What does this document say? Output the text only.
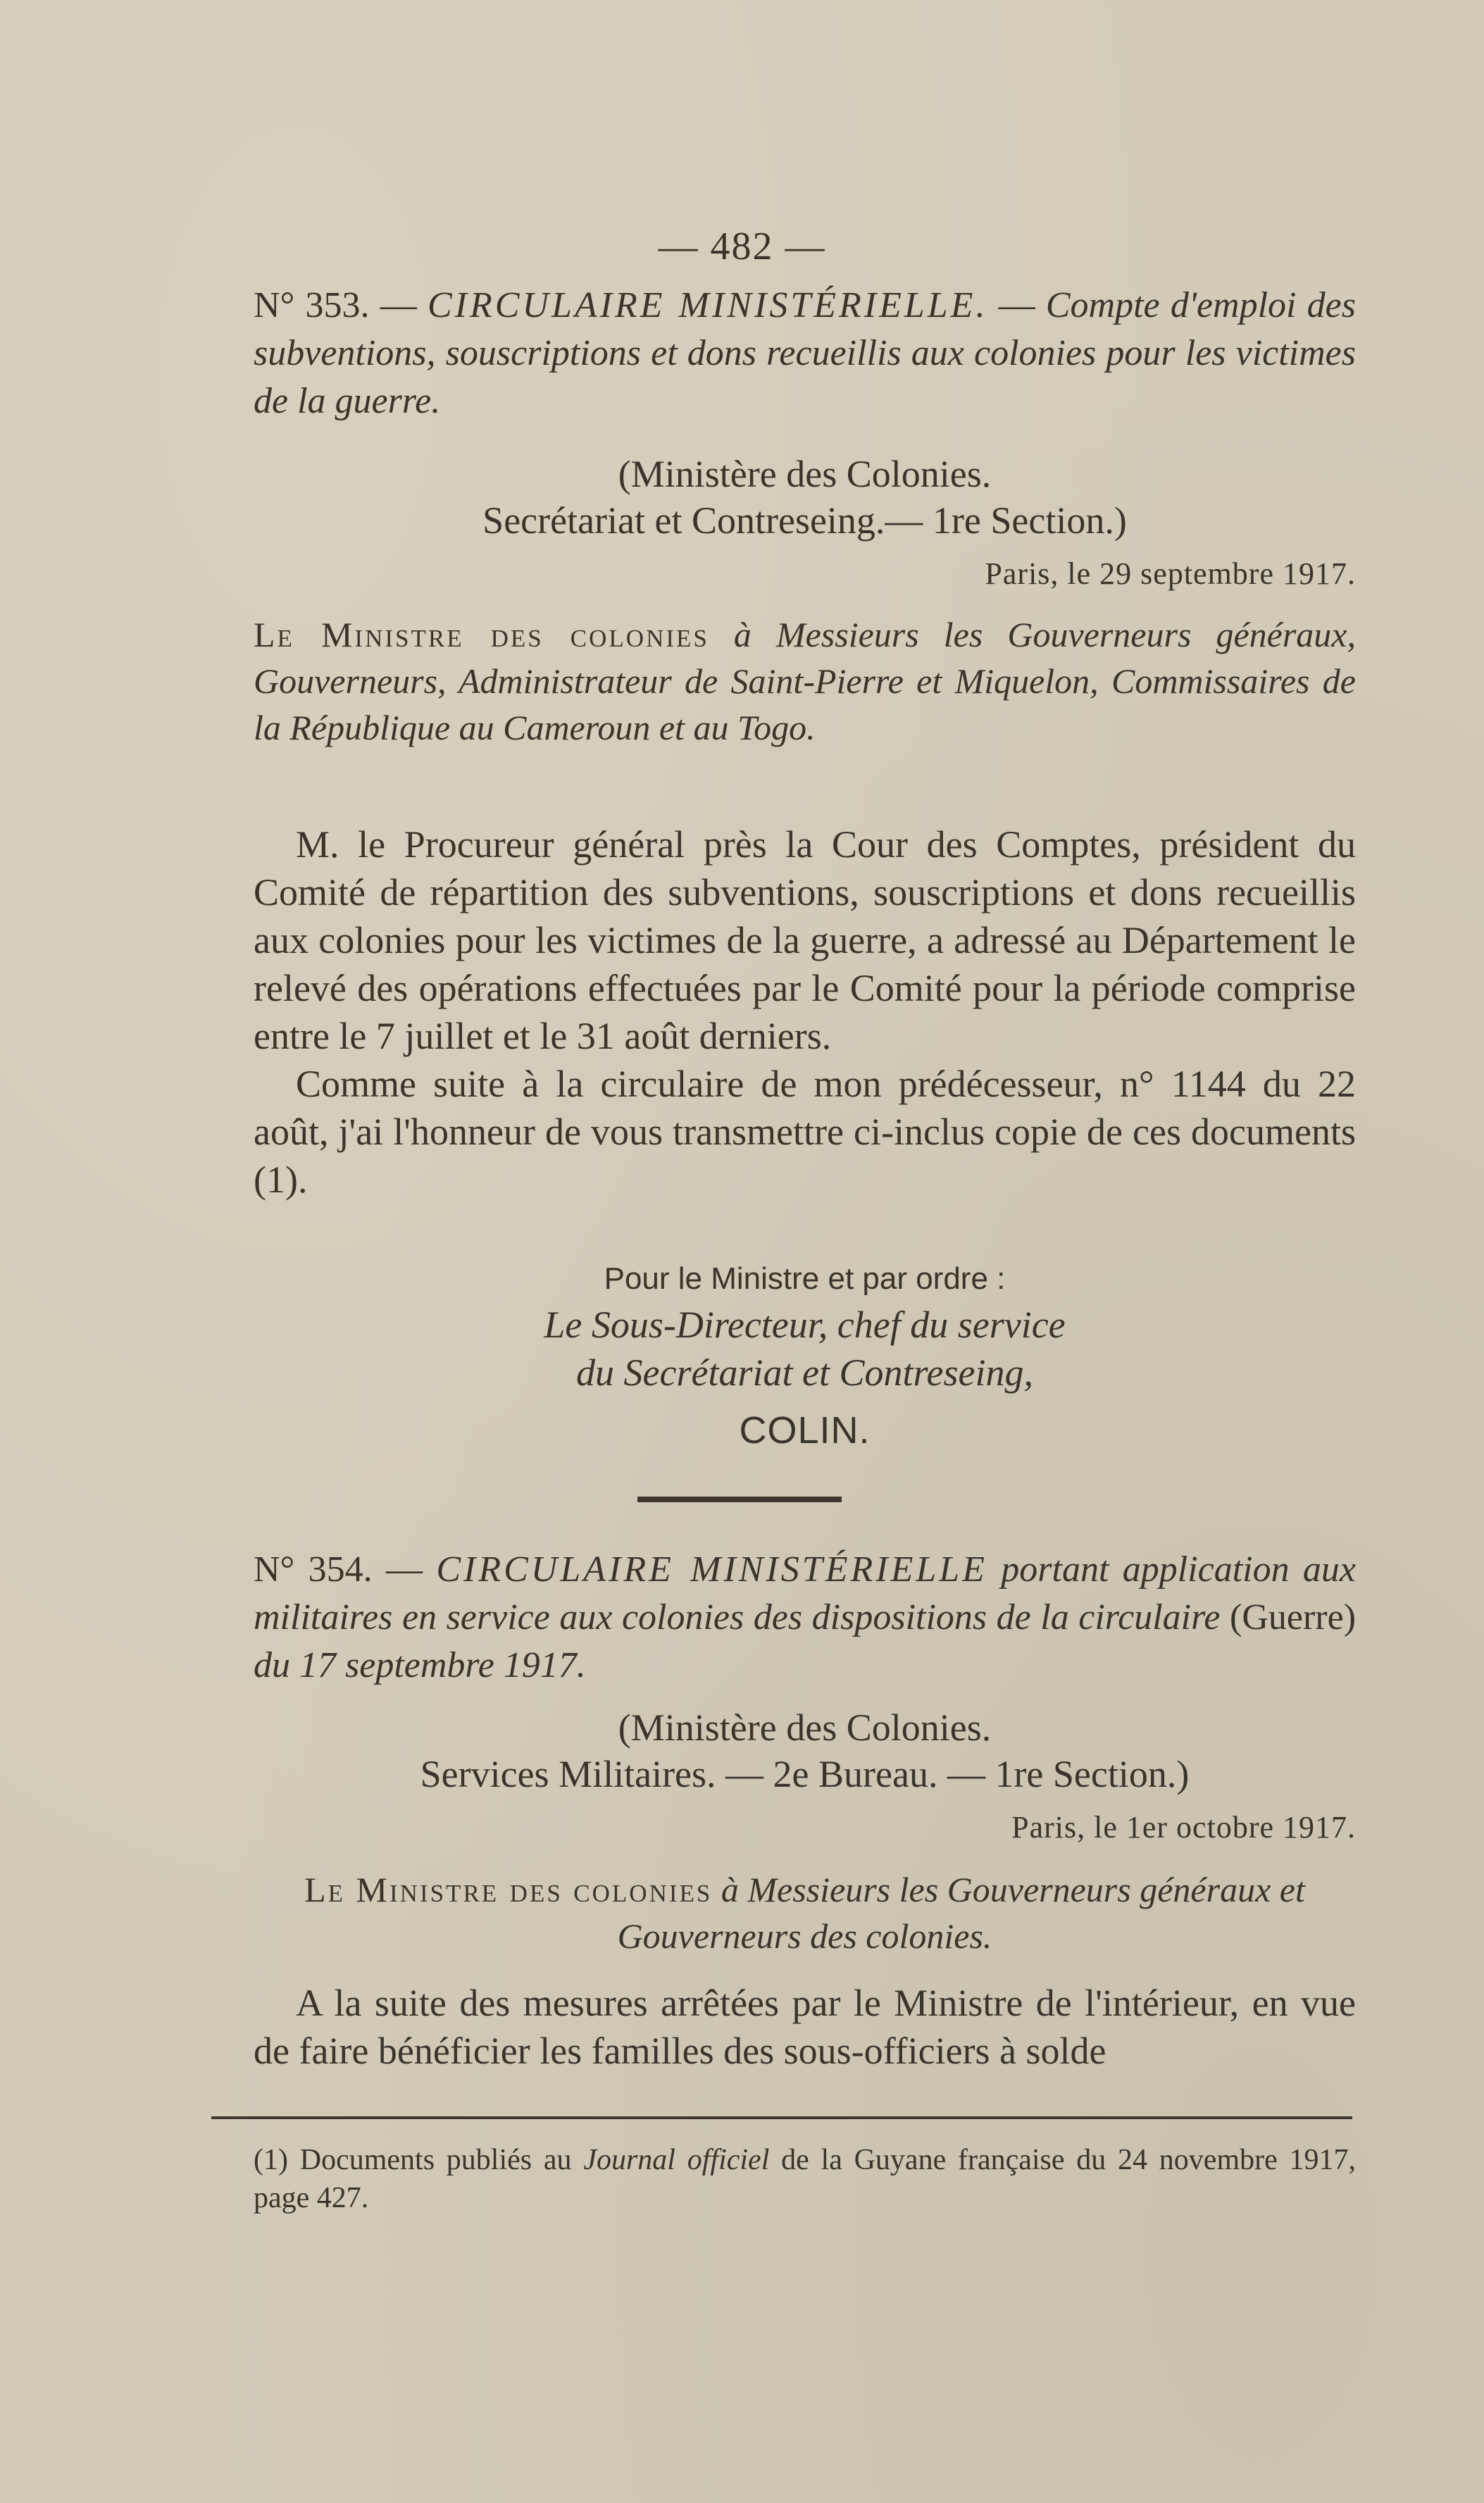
— 482 —

N° 353. — CIRCULAIRE MINISTÉRIELLE. — Compte d'emploi des subventions, souscriptions et dons recueillis aux colonies pour les victimes de la guerre.

(Ministère des Colonies.

Secrétariat et Contreseing.— 1re Section.)

Paris, le 29 septembre 1917.

Le Ministre des colonies à Messieurs les Gouverneurs généraux, Gouverneurs, Administrateur de Saint-Pierre et Miquelon, Commissaires de la République au Cameroun et au Togo.

M. le Procureur général près la Cour des Comptes, président du Comité de répartition des subventions, souscriptions et dons recueillis aux colonies pour les victimes de la guerre, a adressé au Département le relevé des opérations effectuées par le Comité pour la période comprise entre le 7 juillet et le 31 août derniers.

Comme suite à la circulaire de mon prédécesseur, n° 1144 du 22 août, j'ai l'honneur de vous transmettre ci-inclus copie de ces documents (1).

Pour le Ministre et par ordre :

Le Sous-Directeur, chef du service

du Secrétariat et Contreseing,

COLIN.

N° 354. — CIRCULAIRE MINISTÉRIELLE portant application aux militaires en service aux colonies des dispositions de la circulaire (Guerre) du 17 septembre 1917.

(Ministère des Colonies.

Services Militaires. — 2e Bureau. — 1re Section.)

Paris, le 1er octobre 1917.

Le Ministre des colonies à Messieurs les Gouverneurs généraux et Gouverneurs des colonies.

A la suite des mesures arrêtées par le Ministre de l'intérieur, en vue de faire bénéficier les familles des sous-officiers à solde

(1) Documents publiés au Journal officiel de la Guyane française du 24 novembre 1917, page 427.
